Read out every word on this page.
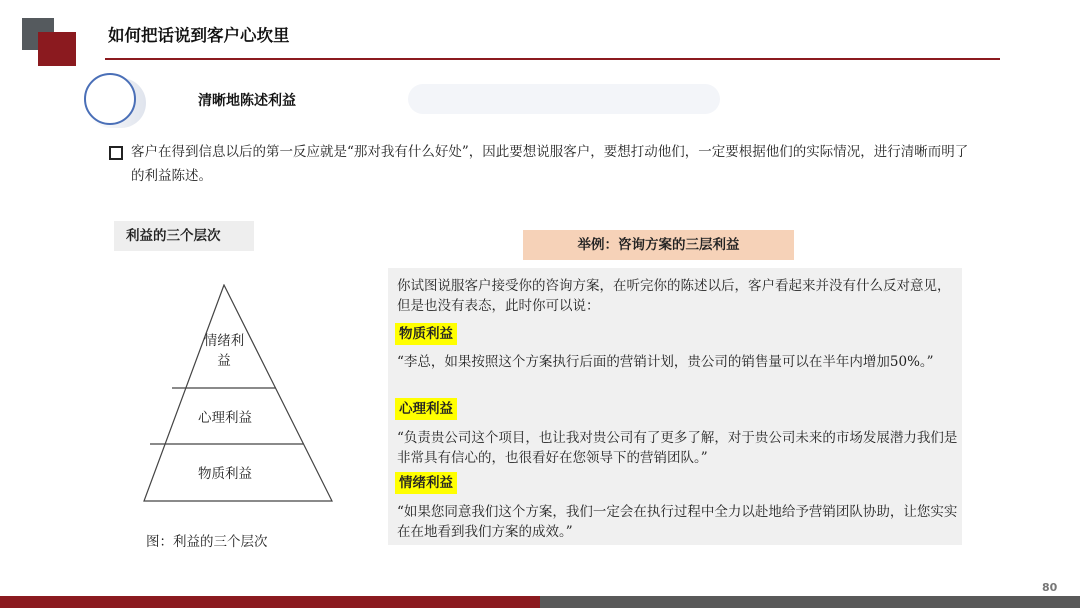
如何把话说到客户心坎里
清晰地陈述利益
客户在得到信息以后的第一反应就是“那对我有什么好处”，因此要想说服客户，要想打动他们，一定要根据他们的实际情况，进行清晰而明了的利益陈述。
利益的三个层次
情绪利益
心理利益
物质利益
图：利益的三个层次
举例：咨询方案的三层利益
你试图说服客户接受你的咨询方案，在听完你的陈述以后，客户看起来并没有什么反对意见，但是也没有表态，此时你可以说：
物质利益
“李总，如果按照这个方案执行后面的营销计划，贵公司的销售量可以在半年内增加50%。”
心理利益
“负责贵公司这个项目，也让我对贵公司有了更多了解，对于贵公司未来的市场发展潜力我们是非常具有信心的，也很看好在您领导下的营销团队。”
情绪利益
“如果您同意我们这个方案，我们一定会在执行过程中全力以赴地给予营销团队协助，让您实实在在地看到我们方案的成效。”
80
